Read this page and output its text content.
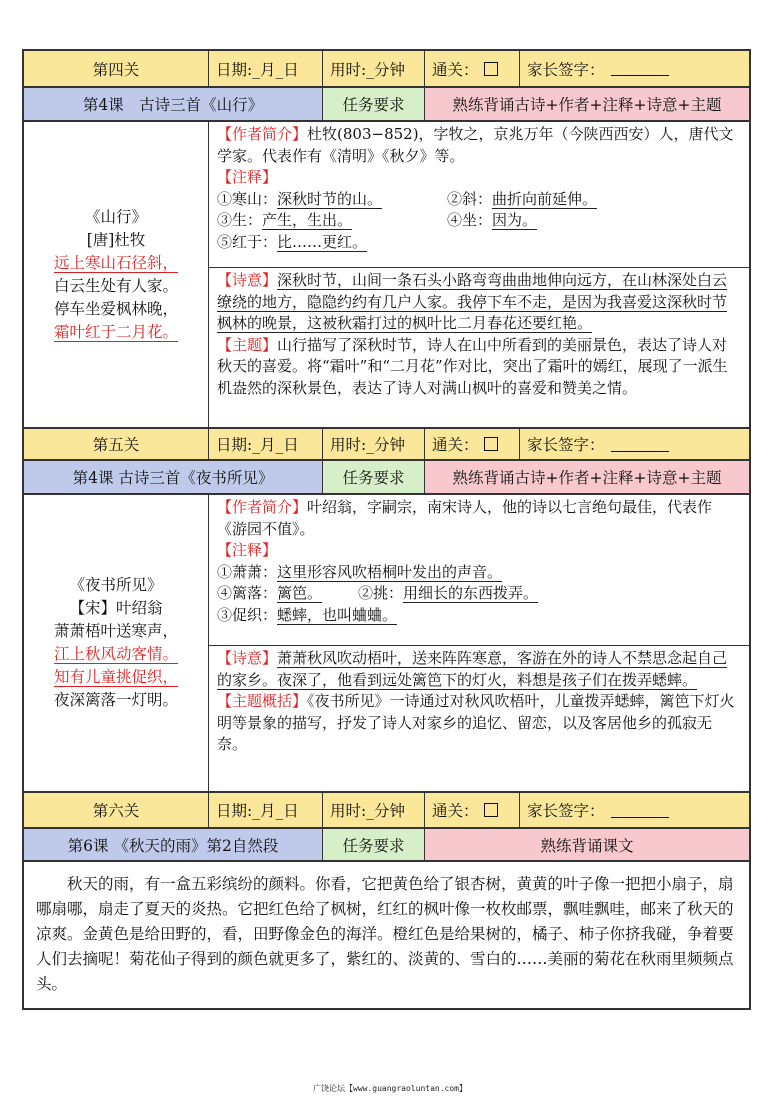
第四关	日期:_月_日	用时:_分钟	通关：	家长签字：
第4课　古诗三首《山行》	任务要求	熟练背诵古诗+作者+注释+诗意+主题
《山行》
[唐]杜牧
远上寒山石径斜，
白云生处有人家。
停车坐爱枫林晚，
霜叶红于二月花。
【作者简介】杜牧(803−852)，字牧之，京兆万年（今陕西西安）人，唐代文学家。代表作有《清明》《秋夕》等。
【注释】
①寒山：深秋时节的山。	②斜：曲折向前延伸。
③生：产生，生出。	④坐：因为。
⑤红于：比……更红。
【诗意】深秋时节，山间一条石头小路弯弯曲曲地伸向远方，在山林深处白云缭绕的地方，隐隐约约有几户人家。我停下车不走，是因为我喜爱这深秋时节枫林的晚景，这被秋霜打过的枫叶比二月春花还要红艳。
【主题】山行描写了深秋时节，诗人在山中所看到的美丽景色，表达了诗人对秋天的喜爱。将“霜叶”和“二月花”作对比，突出了霜叶的嫣红，展现了一派生机盎然的深秋景色，表达了诗人对满山枫叶的喜爱和赞美之情。
第五关	日期:_月_日	用时:_分钟	通关：	家长签字：
第4课 古诗三首《夜书所见》	任务要求	熟练背诵古诗+作者+注释+诗意+主题
《夜书所见》
【宋】叶绍翁
萧萧梧叶送寒声，
江上秋风动客情。
知有儿童挑促织，
夜深篱落一灯明。
【作者简介】叶绍翁，字嗣宗，南宋诗人，他的诗以七言绝句最佳，代表作《游园不值》。
【注释】
①萧萧：这里形容风吹梧桐叶发出的声音。
④篱落：篱笆。 ②挑：用细长的东西拨弄。
③促织：蟋蟀，也叫蛐蛐。
【诗意】萧萧秋风吹动梧叶，送来阵阵寒意，客游在外的诗人不禁思念起自己的家乡。夜深了，他看到远处篱笆下的灯火，料想是孩子们在拨弄蟋蟀。
【主题概括】《夜书所见》一诗通过对秋风吹梧叶，儿童拨弄蟋蟀，篱笆下灯火明等景象的描写，抒发了诗人对家乡的追忆、留恋，以及客居他乡的孤寂无奈。
第六关	日期:_月_日	用时:_分钟	通关：	家长签字：
第6课 《秋天的雨》第2自然段	任务要求	熟练背诵课文
秋天的雨，有一盒五彩缤纷的颜料。你看，它把黄色给了银杏树，黄黄的叶子像一把把小扇子，扇哪扇哪，扇走了夏天的炎热。它把红色给了枫树，红红的枫叶像一枚枚邮票，飘哇飘哇，邮来了秋天的凉爽。金黄色是给田野的，看，田野像金色的海洋。橙红色是给果树的，橘子、柿子你挤我碰，争着要人们去摘呢！菊花仙子得到的颜色就更多了，紫红的、淡黄的、雪白的……美丽的菊花在秋雨里频频点头。
广饶论坛【www.guangraoluntan.com】
